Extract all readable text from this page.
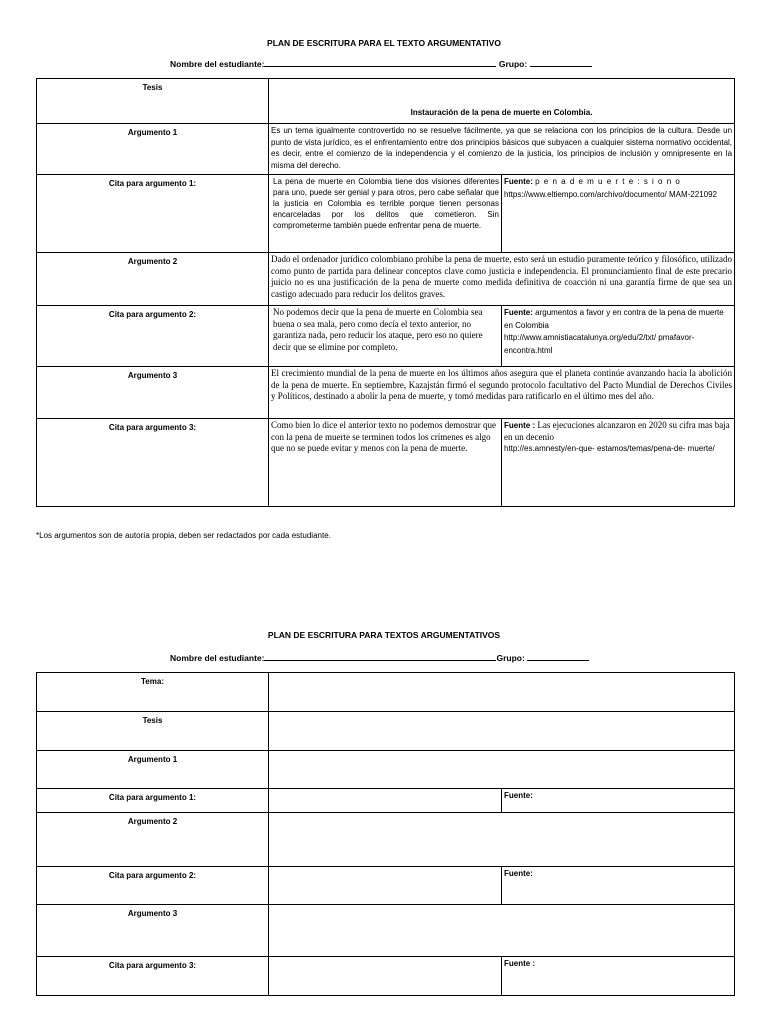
PLAN DE ESCRITURA PARA EL TEXTO ARGUMENTATIVO
Nombre del estudiante:	Grupo:
Tesis	Instauración de la pena de muerte en Colombia.	
Argumento 1	Es un tema igualmente controvertido no se resuelve fácilmente, ya que se relaciona con los principios de la cultura. Desde un punto de vista jurídico, es el enfrentamiento entre dos principios básicos que subyacen a cualquier sistema normativo occidental, es decir, entre el comienzo de la independencia y el comienzo de la justicia, los principios de inclusión y omnipresente en la misma del derecho.	
Cita para argumento 1:	La pena de muerte en Colombia tiene dos visiones diferentes para uno, puede ser genial y para otros, pero cabe señalar que la justicia en Colombia es terrible porque tienen personas encarceladas por los delitos que cometieron. Sin comprometerme también puede enfrentar pena de muerte.	Fuente: p e n a d e m u e r t e : s i o n o
https://www.eltiempo.com/archivo/documento/ MAM-221092
Argumento 2	Dado el ordenador jurídico colombiano prohíbe la pena de muerte, esto será un estudio puramente teórico y filosófico, utilizado como punto de partida para delinear conceptos clave como justicia e independencia. El pronunciamiento final de este precario juicio no es una justificación de la pena de muerte como medida definitiva de coacción ni una garantía firme de que sea un castigo adecuado para reducir los delitos graves.	
Cita para argumento 2:	No podemos decir que la pena de muerte en Colombia sea buena o sea mala, pero como decía el texto anterior, no garantiza nada, pero reducir los ataque, pero eso no quiere decir que se elimine por completo.	Fuente: argumentos a favor y en contra de la pena de muerte en Colombia
http://www.amnistiacatalunya.org/edu/2/txt/ pmafavor-encontra.html
Argumento 3	El crecimiento mundial de la pena de muerte en los últimos años asegura que el planeta continúe avanzando hacia la abolición de la pena de muerte. En septiembre, Kazajstán firmó el segundo protocolo facultativo del Pacto Mundial de Derechos Civiles y Políticos, destinado a abolir la pena de muerte, y tomó medidas para ratificarlo en el último mes del año.	
Cita para argumento 3:	Como bien lo dice el anterior texto no podemos demostrar que con la pena de muerte se terminen todos los crímenes es algo que no se puede evitar y menos con la pena de muerte.	Fuente : Las ejecuciones alcanzaron en 2020 su cifra mas baja en un decenio
http://es.amnesty/en-que- estamos/temas/pena-de- muerte/
*Los argumentos son de autoría propia, deben ser redactados por cada estudiante.
PLAN DE ESCRITURA PARA TEXTOS ARGUMENTATIVOS
Nombre del estudiante:	Grupo:
Tema:		
Tesis		
Argumento 1		
Cita para argumento 1:		Fuente:
Argumento 2		
Cita para argumento 2:		Fuente:
Argumento 3		
Cita para argumento 3:		Fuente :
